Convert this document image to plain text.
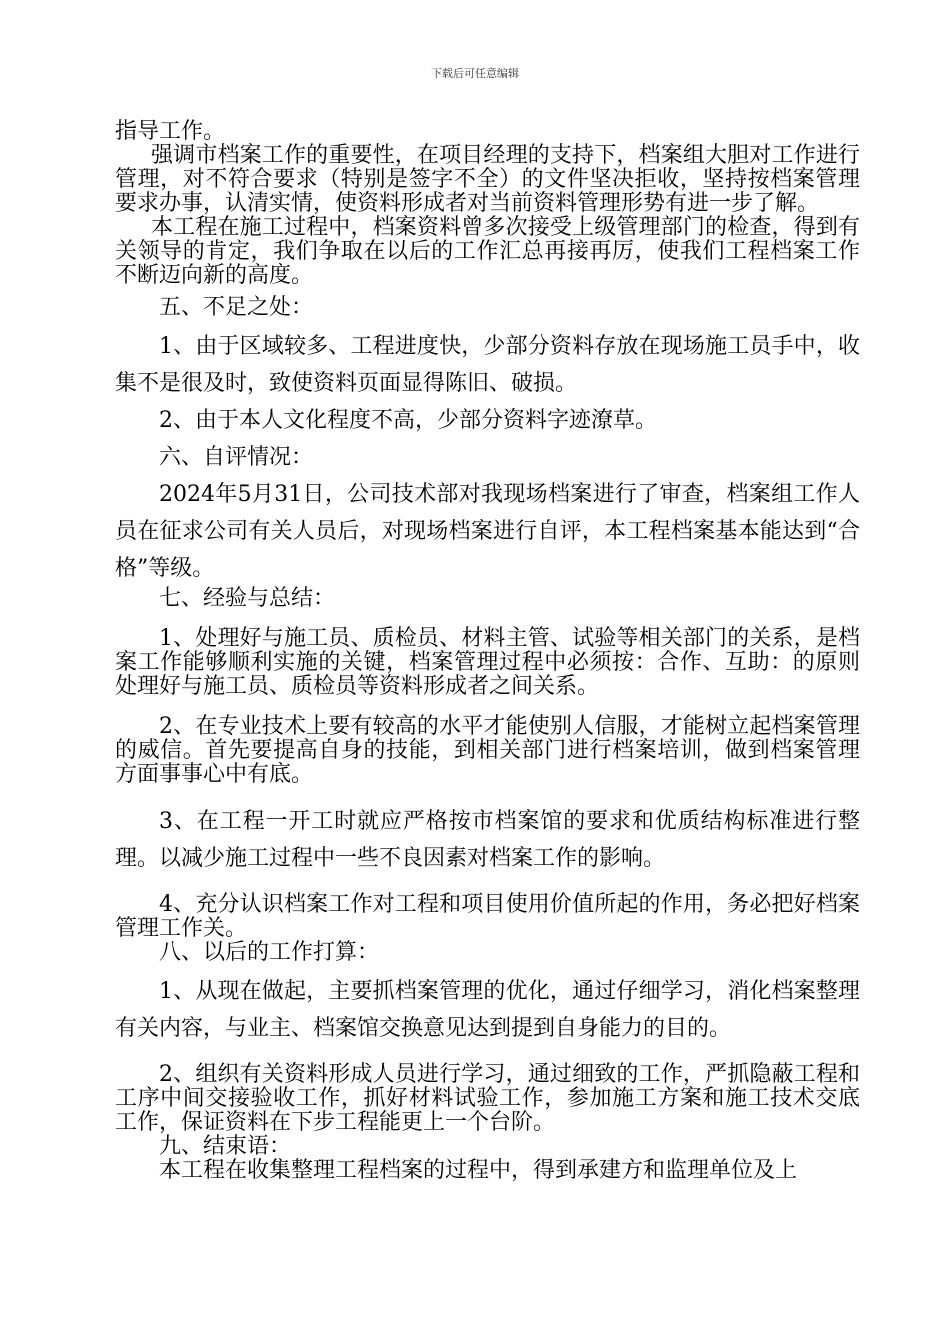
下载后可任意编辑

指导工作。

强调市档案工作的重要性，在项目经理的支持下，档案组大胆对工作进行管理，对不符合要求（特别是签字不全）的文件坚决拒收，坚持按档案管理要求办事，认清实情，使资料形成者对当前资料管理形势有进一步了解。

本工程在施工过程中，档案资料曾多次接受上级管理部门的检查，得到有关领导的肯定，我们争取在以后的工作汇总再接再厉，使我们工程档案工作不断迈向新的高度。

五、不足之处：

1、由于区域较多、工程进度快，少部分资料存放在现场施工员手中，收集不是很及时，致使资料页面显得陈旧、破损。

2、由于本人文化程度不高，少部分资料字迹潦草。

六、自评情况：

2024年5月31日，公司技术部对我现场档案进行了审查，档案组工作人员在征求公司有关人员后，对现场档案进行自评，本工程档案基本能达到“合格”等级。

七、经验与总结：

1、处理好与施工员、质检员、材料主管、试验等相关部门的关系，是档案工作能够顺利实施的关键，档案管理过程中必须按：合作、互助：的原则处理好与施工员、质检员等资料形成者之间关系。

2、在专业技术上要有较高的水平才能使别人信服，才能树立起档案管理的威信。首先要提高自身的技能，到相关部门进行档案培训，做到档案管理方面事事心中有底。

3、在工程一开工时就应严格按市档案馆的要求和优质结构标准进行整理。以减少施工过程中一些不良因素对档案工作的影响。

4、充分认识档案工作对工程和项目使用价值所起的作用，务必把好档案管理工作关。

八、以后的工作打算：

1、从现在做起，主要抓档案管理的优化，通过仔细学习，消化档案整理有关内容，与业主、档案馆交换意见达到提到自身能力的目的。

2、组织有关资料形成人员进行学习，通过细致的工作，严抓隐蔽工程和工序中间交接验收工作，抓好材料试验工作，参加施工方案和施工技术交底工作，保证资料在下步工程能更上一个台阶。

九、结束语：

本工程在收集整理工程档案的过程中，得到承建方和监理单位及上
